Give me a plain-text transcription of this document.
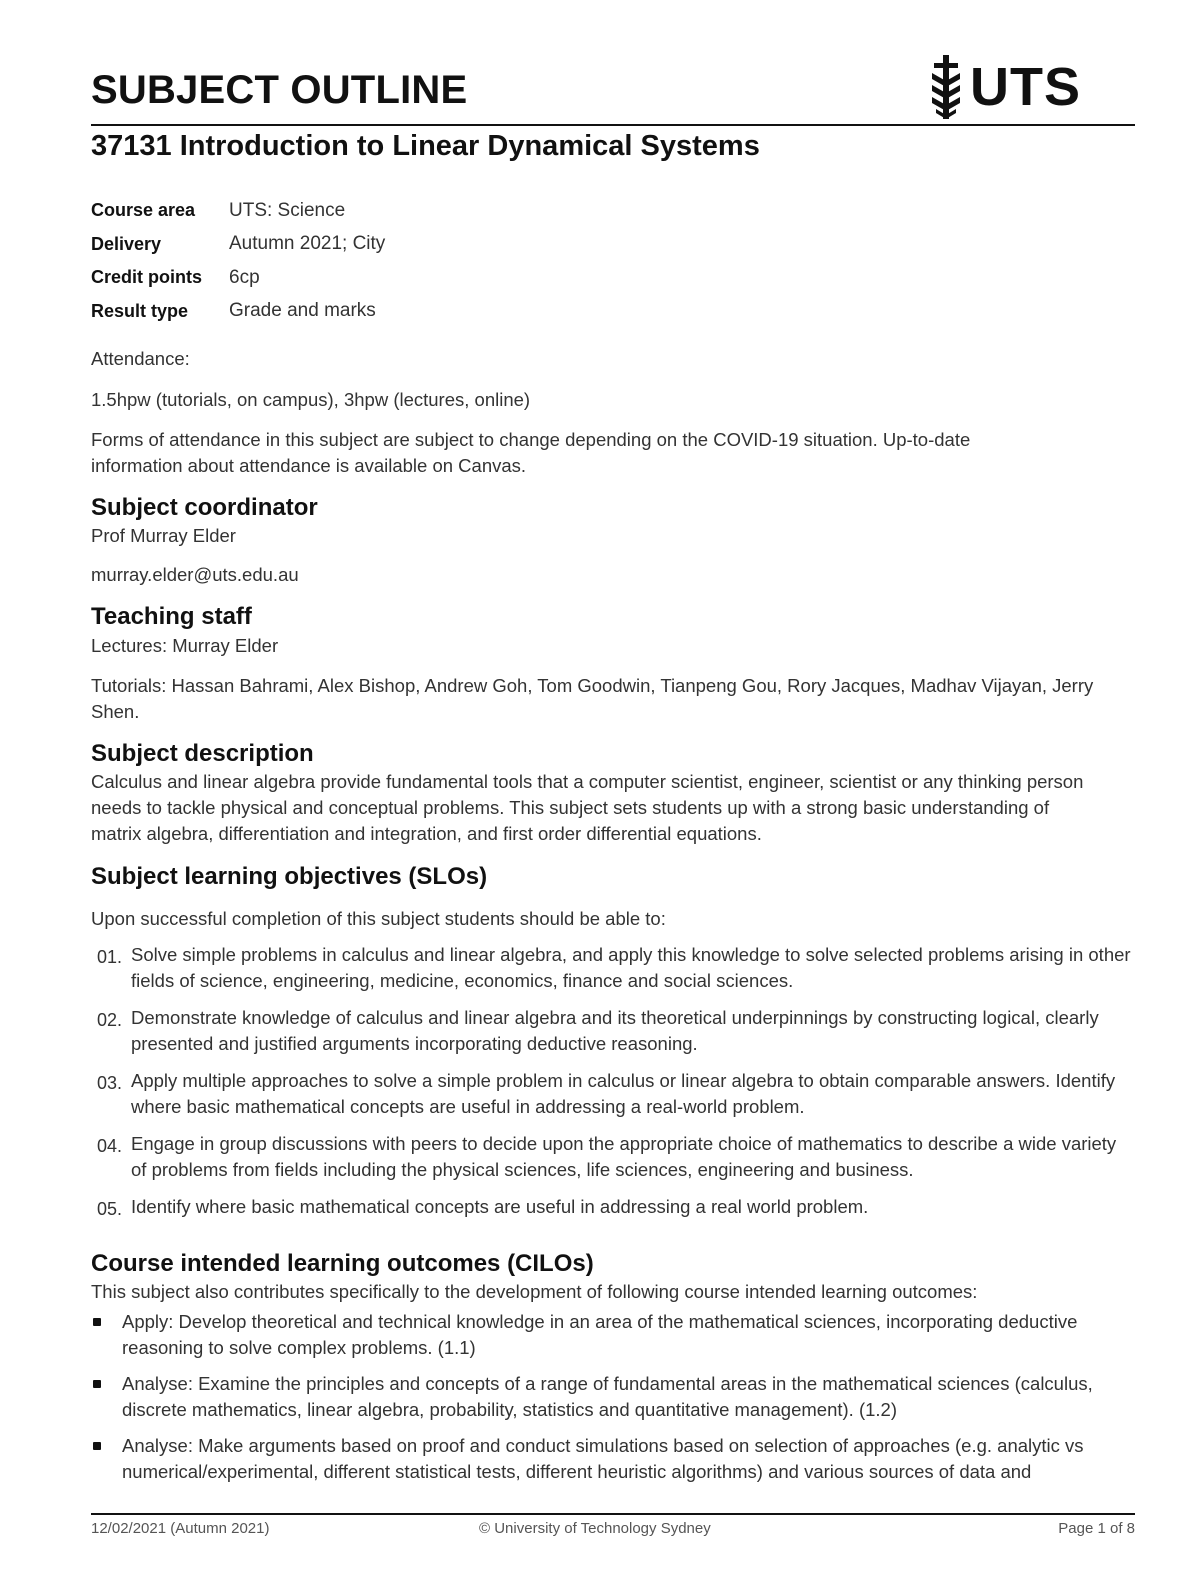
SUBJECT OUTLINE	UTS
37131 Introduction to Linear Dynamical Systems
Course area	UTS: Science
Delivery	Autumn 2021; City
Credit points	6cp
Result type	Grade and marks

Attendance:

1.5hpw (tutorials, on campus), 3hpw (lectures, online)

Forms of attendance in this subject are subject to change depending on the COVID-19 situation. Up-to-date information about attendance is available on Canvas.

Subject coordinator

Prof Murray Elder

murray.elder@uts.edu.au

Teaching staff

Lectures: Murray Elder

Tutorials: Hassan Bahrami, Alex Bishop, Andrew Goh, Tom Goodwin, Tianpeng Gou, Rory Jacques, Madhav Vijayan, Jerry Shen.

Subject description

Calculus and linear algebra provide fundamental tools that a computer scientist, engineer, scientist or any thinking person needs to tackle physical and conceptual problems. This subject sets students up with a strong basic understanding of matrix algebra, differentiation and integration, and first order differential equations.

Subject learning objectives (SLOs)

Upon successful completion of this subject students should be able to:

01. Solve simple problems in calculus and linear algebra, and apply this knowledge to solve selected problems arising in other fields of science, engineering, medicine, economics, finance and social sciences.
02. Demonstrate knowledge of calculus and linear algebra and its theoretical underpinnings by constructing logical, clearly presented and justified arguments incorporating deductive reasoning.
03. Apply multiple approaches to solve a simple problem in calculus or linear algebra to obtain comparable answers. Identify where basic mathematical concepts are useful in addressing a real-world problem.
04. Engage in group discussions with peers to decide upon the appropriate choice of mathematics to describe a wide variety of problems from fields including the physical sciences, life sciences, engineering and business.
05. Identify where basic mathematical concepts are useful in addressing a real world problem.
Course intended learning outcomes (CILOs)

This subject also contributes specifically to the development of following course intended learning outcomes:

Apply: Develop theoretical and technical knowledge in an area of the mathematical sciences, incorporating deductive reasoning to solve complex problems. (1.1)
Analyse: Examine the principles and concepts of a range of fundamental areas in the mathematical sciences (calculus, discrete mathematics, linear algebra, probability, statistics and quantitative management). (1.2)
Analyse: Make arguments based on proof and conduct simulations based on selection of approaches (e.g. analytic vs numerical/experimental, different statistical tests, different heuristic algorithms) and various sources of data and
12/02/2021 (Autumn 2021)	© University of Technology Sydney	Page 1 of 8
